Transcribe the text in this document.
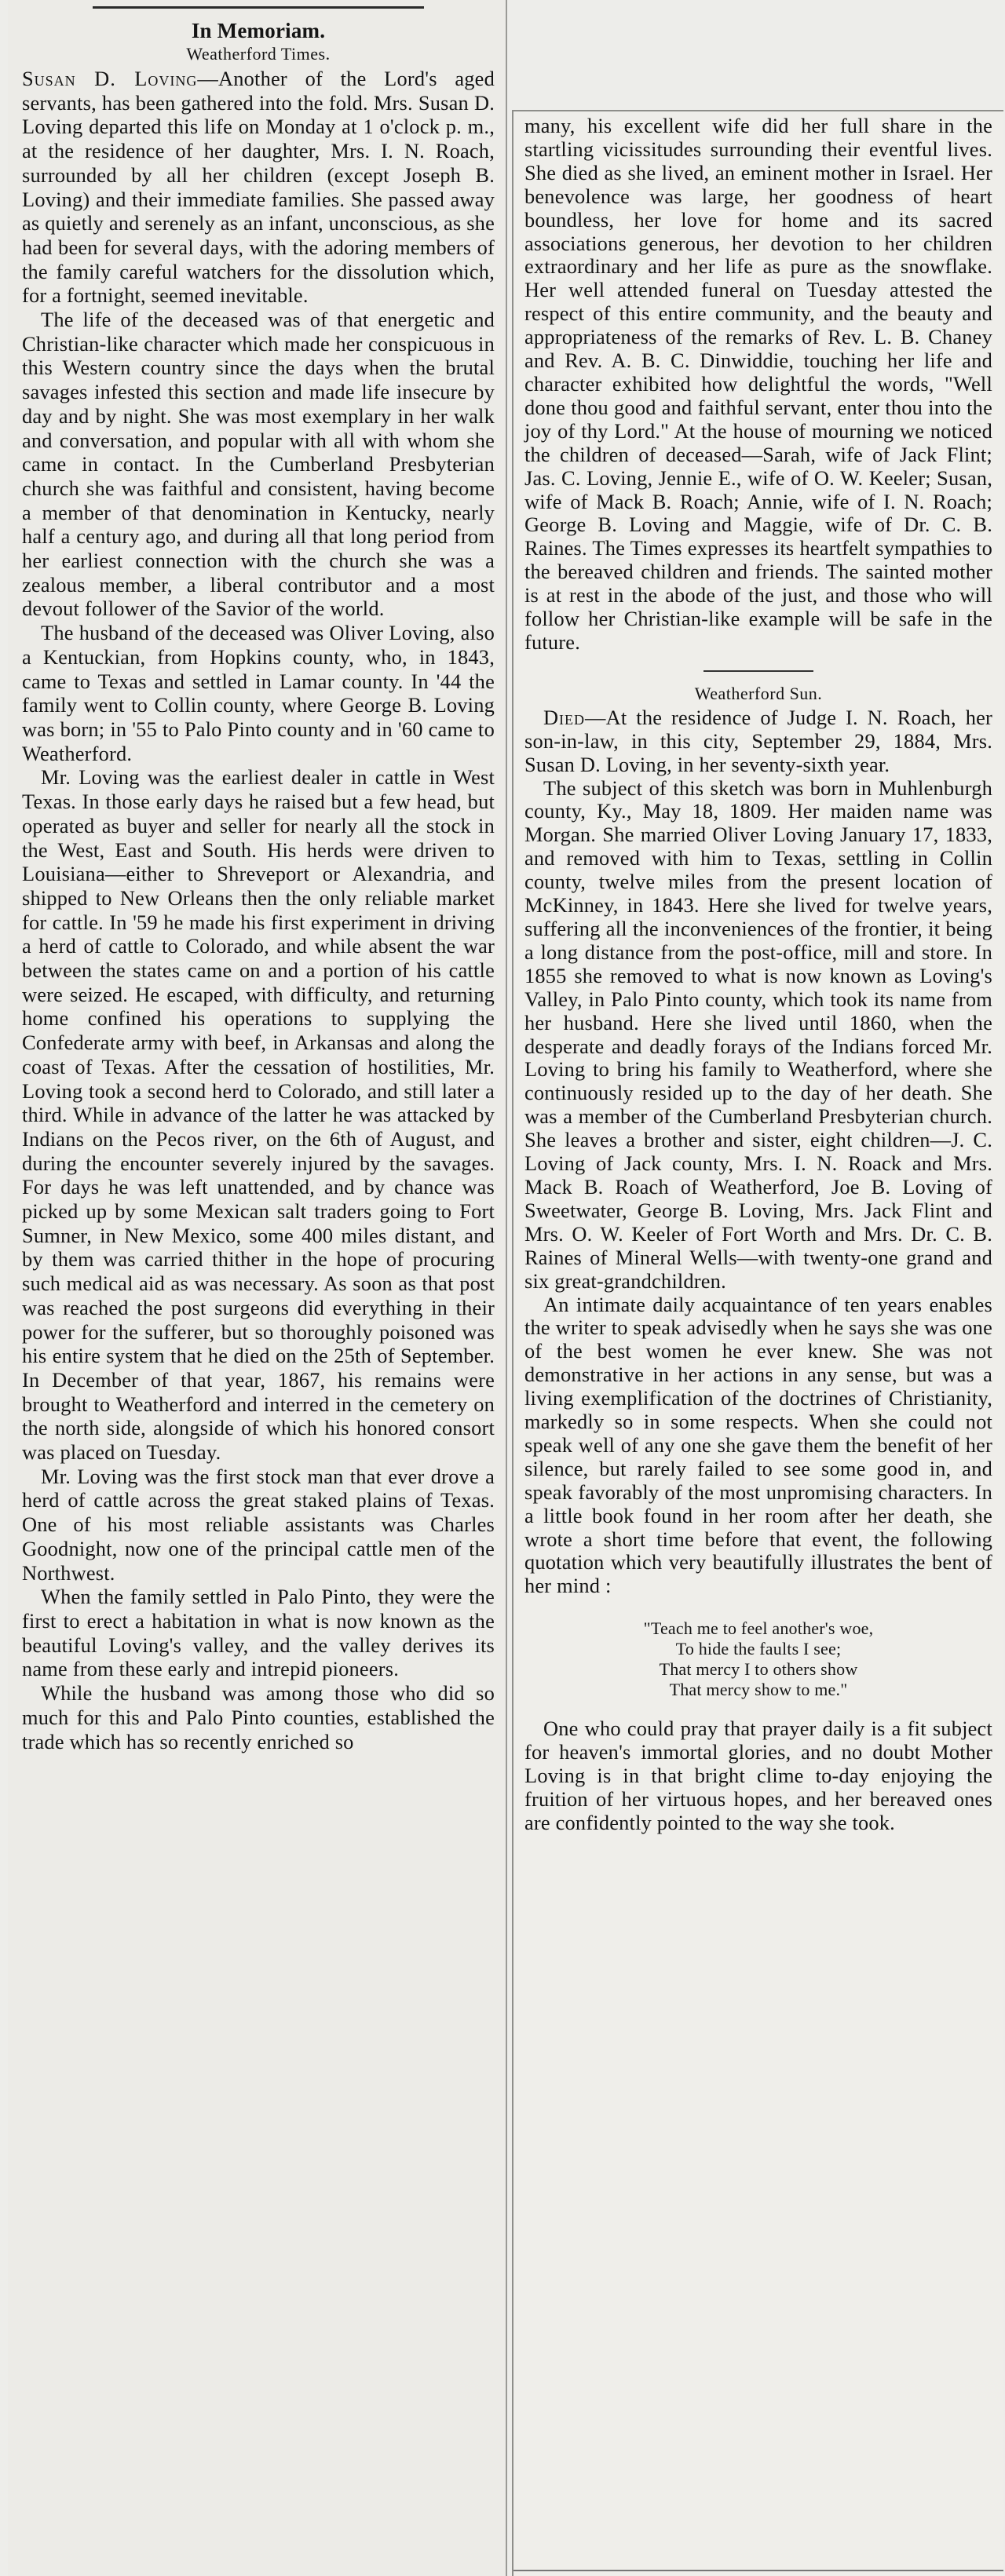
In Memoriam.
Weatherford Times.

Susan D. Loving—Another of the Lord's aged servants, has been gathered into the fold. Mrs. Susan D. Loving departed this life on Monday at 1 o'clock p. m., at the residence of her daughter, Mrs. I. N. Roach, surrounded by all her children (except Joseph B. Loving) and their immediate families. She passed away as quietly and serenely as an infant, unconscious, as she had been for several days, with the adoring members of the family careful watchers for the dissolution which, for a fortnight, seemed inevitable.

The life of the deceased was of that energetic and Christian-like character which made her conspicuous in this Western country since the days when the brutal savages infested this section and made life insecure by day and by night. She was most exemplary in her walk and conversation, and popular with all with whom she came in contact. In the Cumberland Presbyterian church she was faithful and consistent, having become a member of that denomination in Kentucky, nearly half a century ago, and during all that long period from her earliest connection with the church she was a zealous member, a liberal contributor and a most devout follower of the Savior of the world.

The husband of the deceased was Oliver Loving, also a Kentuckian, from Hopkins county, who, in 1843, came to Texas and settled in Lamar county. In '44 the family went to Collin county, where George B. Loving was born; in '55 to Palo Pinto county and in '60 came to Weatherford.

Mr. Loving was the earliest dealer in cattle in West Texas. In those early days he raised but a few head, but operated as buyer and seller for nearly all the stock in the West, East and South. His herds were driven to Louisiana—either to Shreveport or Alexandria, and shipped to New Orleans then the only reliable market for cattle. In '59 he made his first experiment in driving a herd of cattle to Colorado, and while absent the war between the states came on and a portion of his cattle were seized. He escaped, with difficulty, and returning home confined his operations to supplying the Confederate army with beef, in Arkansas and along the coast of Texas. After the cessation of hostilities, Mr. Loving took a second herd to Colorado, and still later a third. While in advance of the latter he was attacked by Indians on the Pecos river, on the 6th of August, and during the encounter severely injured by the savages. For days he was left unattended, and by chance was picked up by some Mexican salt traders going to Fort Sumner, in New Mexico, some 400 miles distant, and by them was carried thither in the hope of procuring such medical aid as was necessary. As soon as that post was reached the post surgeons did everything in their power for the sufferer, but so thoroughly poisoned was his entire system that he died on the 25th of September. In December of that year, 1867, his remains were brought to Weatherford and interred in the cemetery on the north side, alongside of which his honored consort was placed on Tuesday.

Mr. Loving was the first stock man that ever drove a herd of cattle across the great staked plains of Texas. One of his most reliable assistants was Charles Goodnight, now one of the principal cattle men of the Northwest.

When the family settled in Palo Pinto, they were the first to erect a habitation in what is now known as the beautiful Loving's valley, and the valley derives its name from these early and intrepid pioneers.

While the husband was among those who did so much for this and Palo Pinto counties, established the trade which has so recently enriched so

many, his excellent wife did her full share in the startling vicissitudes surrounding their eventful lives. She died as she lived, an eminent mother in Israel. Her benevolence was large, her goodness of heart boundless, her love for home and its sacred associations generous, her devotion to her children extraordinary and her life as pure as the snowflake. Her well attended funeral on Tuesday attested the respect of this entire community, and the beauty and appropriateness of the remarks of Rev. L. B. Chaney and Rev. A. B. C. Dinwiddie, touching her life and character exhibited how delightful the words, "Well done thou good and faithful servant, enter thou into the joy of thy Lord." At the house of mourning we noticed the children of deceased—Sarah, wife of Jack Flint; Jas. C. Loving, Jennie E., wife of O. W. Keeler; Susan, wife of Mack B. Roach; Annie, wife of I. N. Roach; George B. Loving and Maggie, wife of Dr. C. B. Raines. The Times expresses its heartfelt sympathies to the bereaved children and friends. The sainted mother is at rest in the abode of the just, and those who will follow her Christian-like example will be safe in the future.

Weatherford Sun.

Died—At the residence of Judge I. N. Roach, her son-in-law, in this city, September 29, 1884, Mrs. Susan D. Loving, in her seventy-sixth year.

The subject of this sketch was born in Muhlenburgh county, Ky., May 18, 1809. Her maiden name was Morgan. She married Oliver Loving January 17, 1833, and removed with him to Texas, settling in Collin county, twelve miles from the present location of McKinney, in 1843. Here she lived for twelve years, suffering all the inconveniences of the frontier, it being a long distance from the post-office, mill and store. In 1855 she removed to what is now known as Loving's Valley, in Palo Pinto county, which took its name from her husband. Here she lived until 1860, when the desperate and deadly forays of the Indians forced Mr. Loving to bring his family to Weatherford, where she continuously resided up to the day of her death. She was a member of the Cumberland Presbyterian church. She leaves a brother and sister, eight children—J. C. Loving of Jack county, Mrs. I. N. Roack and Mrs. Mack B. Roach of Weatherford, Joe B. Loving of Sweetwater, George B. Loving, Mrs. Jack Flint and Mrs. O. W. Keeler of Fort Worth and Mrs. Dr. C. B. Raines of Mineral Wells—with twenty-one grand and six great-grandchildren.

An intimate daily acquaintance of ten years enables the writer to speak advisedly when he says she was one of the best women he ever knew. She was not demonstrative in her actions in any sense, but was a living exemplification of the doctrines of Christianity, markedly so in some respects. When she could not speak well of any one she gave them the benefit of her silence, but rarely failed to see some good in, and speak favorably of the most unpromising characters. In a little book found in her room after her death, she wrote a short time before that event, the following quotation which very beautifully illustrates the bent of her mind :

"Teach me to feel another's woe,
To hide the faults I see;
That mercy I to others show
That mercy show to me."

One who could pray that prayer daily is a fit subject for heaven's immortal glories, and no doubt Mother Loving is in that bright clime to-day enjoying the fruition of her virtuous hopes, and her bereaved ones are confidently pointed to the way she took.
